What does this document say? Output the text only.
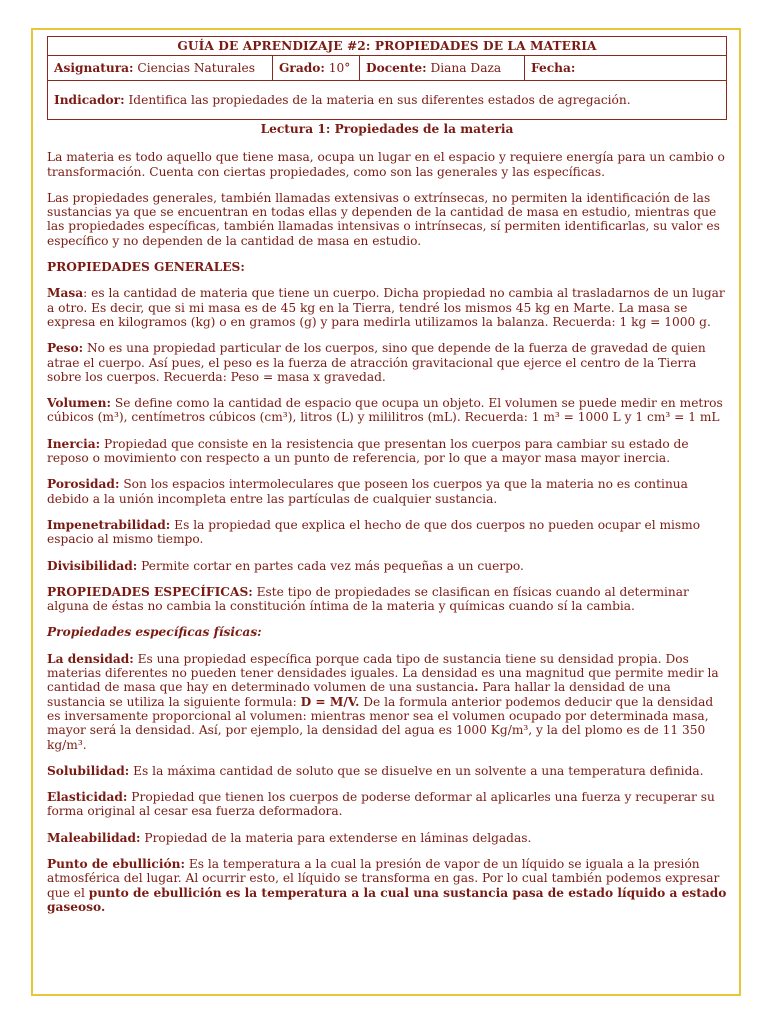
GUÍA DE APRENDIZAJE #2: PROPIEDADES DE LA MATERIA
Asignatura: Ciencias Naturales	Grado: 10°	Docente: Diana Daza	Fecha:
Indicador: Identifica las propiedades de la materia en sus diferentes estados de agregación.

Lectura 1: Propiedades de la materia

La materia es todo aquello que tiene masa, ocupa un lugar en el espacio y requiere energía para un cambio o transformación. Cuenta con ciertas propiedades, como son las generales y las específicas.

Las propiedades generales, también llamadas extensivas o extrínsecas, no permiten la identificación de las sustancias ya que se encuentran en todas ellas y dependen de la cantidad de masa en estudio, mientras que las propiedades específicas, también llamadas intensivas o intrínsecas, sí permiten identificarlas, su valor es específico y no dependen de la cantidad de masa en estudio.

PROPIEDADES GENERALES:

Masa: es la cantidad de materia que tiene un cuerpo. Dicha propiedad no cambia al trasladarnos de un lugar a otro. Es decir, que si mi masa es de 45 kg en la Tierra, tendré los mismos 45 kg en Marte. La masa se expresa en kilogramos (kg) o en gramos (g) y para medirla utilizamos la balanza. Recuerda: 1 kg = 1000 g.

Peso: No es una propiedad particular de los cuerpos, sino que depende de la fuerza de gravedad de quien atrae el cuerpo. Así pues, el peso es la fuerza de atracción gravitacional que ejerce el centro de la Tierra sobre los cuerpos. Recuerda: Peso = masa x gravedad.

Volumen: Se define como la cantidad de espacio que ocupa un objeto. El volumen se puede medir en metros cúbicos (m³), centímetros cúbicos (cm³), litros (L) y mililitros (mL). Recuerda: 1 m³ = 1000 L y 1 cm³ = 1 mL

Inercia: Propiedad que consiste en la resistencia que presentan los cuerpos para cambiar su estado de reposo o movimiento con respecto a un punto de referencia, por lo que a mayor masa mayor inercia.

Porosidad: Son los espacios intermoleculares que poseen los cuerpos ya que la materia no es continua debido a la unión incompleta entre las partículas de cualquier sustancia.

Impenetrabilidad: Es la propiedad que explica el hecho de que dos cuerpos no pueden ocupar el mismo espacio al mismo tiempo.

Divisibilidad: Permite cortar en partes cada vez más pequeñas a un cuerpo.

PROPIEDADES ESPECÍFICAS: Este tipo de propiedades se clasifican en físicas cuando al determinar alguna de éstas no cambia la constitución íntima de la materia y químicas cuando sí la cambia.

Propiedades específicas físicas:

La densidad: Es una propiedad específica porque cada tipo de sustancia tiene su densidad propia. Dos materias diferentes no pueden tener densidades iguales. La densidad es una magnitud que permite medir la cantidad de masa que hay en determinado volumen de una sustancia. Para hallar la densidad de una sustancia se utiliza la siguiente formula: D = M/V. De la formula anterior podemos deducir que la densidad es inversamente proporcional al volumen: mientras menor sea el volumen ocupado por determinada masa, mayor será la densidad. Así, por ejemplo, la densidad del agua es 1000 Kg/m³, y la del plomo es de 11 350 kg/m³.

Solubilidad: Es la máxima cantidad de soluto que se disuelve en un solvente a una temperatura definida.

Elasticidad: Propiedad que tienen los cuerpos de poderse deformar al aplicarles una fuerza y recuperar su forma original al cesar esa fuerza deformadora.

Maleabilidad: Propiedad de la materia para extenderse en láminas delgadas.

Punto de ebullición: Es la temperatura a la cual la presión de vapor de un líquido se iguala a la presión atmosférica del lugar. Al ocurrir esto, el líquido se transforma en gas. Por lo cual también podemos expresar que el punto de ebullición es la temperatura a la cual una sustancia pasa de estado líquido a estado gaseoso.
